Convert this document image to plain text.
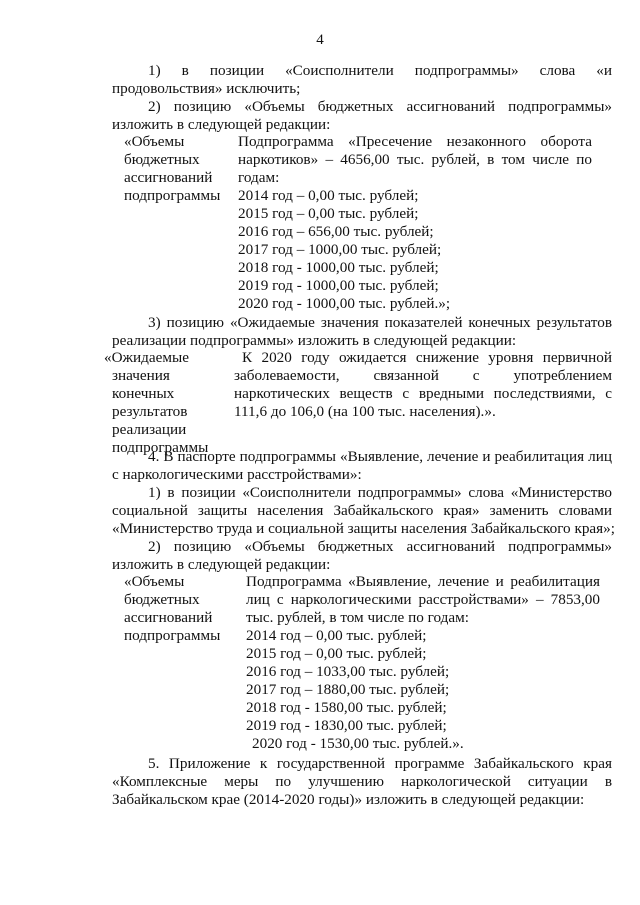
4
1) в позиции «Соисполнители подпрограммы» слова «и
продовольствия» исключить;
2) позицию «Объемы бюджетных ассигнований подпрограммы»
изложить в следующей редакции:
«Объемы
бюджетных
ассигнований
подпрограммы
Подпрограмма «Пресечение незаконного оборота
наркотиков» – 4656,00 тыс. рублей, в том числе по
годам:
2014 год – 0,00 тыс. рублей;
2015 год – 0,00 тыс. рублей;
2016 год – 656,00 тыс. рублей;
2017 год – 1000,00 тыс. рублей;
2018 год - 1000,00 тыс. рублей;
2019 год - 1000,00 тыс. рублей;
2020 год - 1000,00 тыс. рублей.»;
3) позицию «Ожидаемые значения показателей конечных результатов
реализации подпрограммы» изложить в следующей редакции:
«Ожидаемые
значения
конечных
результатов
реализации
подпрограммы
К 2020 году ожидается снижение уровня первичной
заболеваемости, связанной с употреблением
наркотических веществ с вредными последствиями, с
111,6 до 106,0 (на 100 тыс. населения).».
4. В паспорте подпрограммы «Выявление, лечение и реабилитация лиц
с наркологическими расстройствами»:
1) в позиции «Соисполнители подпрограммы» слова «Министерство
социальной защиты населения Забайкальского края» заменить словами
«Министерство труда и социальной защиты населения Забайкальского края»;
2) позицию «Объемы бюджетных ассигнований подпрограммы»
изложить в следующей редакции:
«Объемы
бюджетных
ассигнований
подпрограммы
Подпрограмма «Выявление, лечение и реабилитация
лиц с наркологическими расстройствами» – 7853,00
тыс. рублей, в том числе по годам:
2014 год – 0,00 тыс. рублей;
2015 год – 0,00 тыс. рублей;
2016 год – 1033,00 тыс. рублей;
2017 год – 1880,00 тыс. рублей;
2018 год - 1580,00 тыс. рублей;
2019 год - 1830,00 тыс. рублей;
2020 год - 1530,00 тыс. рублей.».
5. Приложение к государственной программе Забайкальского края
«Комплексные меры по улучшению наркологической ситуации в
Забайкальском крае (2014-2020 годы)» изложить в следующей редакции:
